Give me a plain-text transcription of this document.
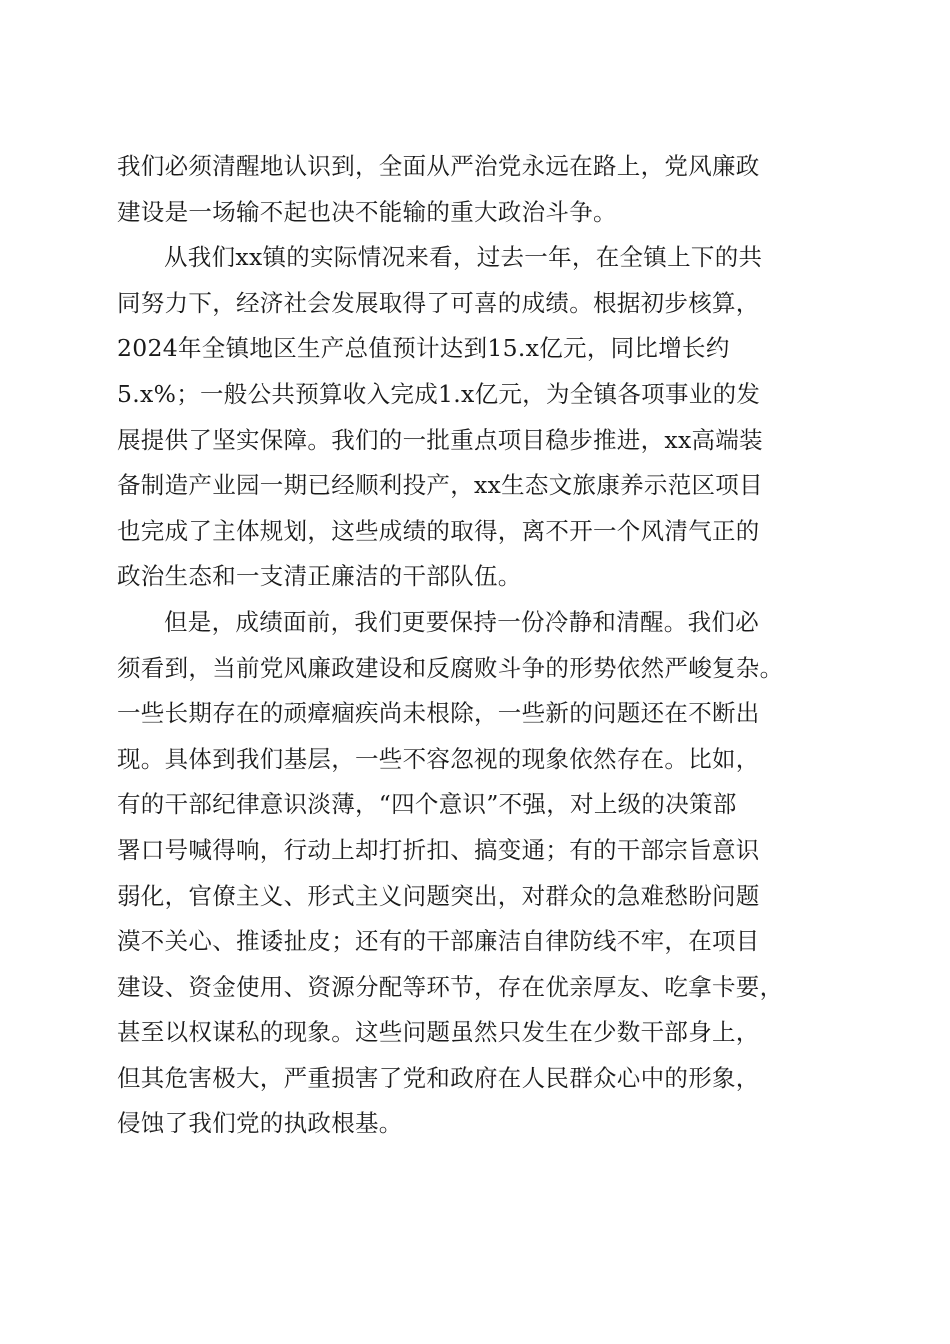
我们必须清醒地认识到，全面从严治党永远在路上，党风廉政
建设是一场输不起也决不能输的重大政治斗争。
从我们xx镇的实际情况来看，过去一年，在全镇上下的共
同努力下，经济社会发展取得了可喜的成绩。根据初步核算，
2024年全镇地区生产总值预计达到15.x亿元，同比增长约
5.x%；一般公共预算收入完成1.x亿元，为全镇各项事业的发
展提供了坚实保障。我们的一批重点项目稳步推进，xx高端装
备制造产业园一期已经顺利投产，xx生态文旅康养示范区项目
也完成了主体规划，这些成绩的取得，离不开一个风清气正的
政治生态和一支清正廉洁的干部队伍。
但是，成绩面前，我们更要保持一份冷静和清醒。我们必
须看到，当前党风廉政建设和反腐败斗争的形势依然严峻复杂。
一些长期存在的顽瘴痼疾尚未根除，一些新的问题还在不断出
现。具体到我们基层，一些不容忽视的现象依然存在。比如，
有的干部纪律意识淡薄，“四个意识”不强，对上级的决策部
署口号喊得响，行动上却打折扣、搞变通；有的干部宗旨意识
弱化，官僚主义、形式主义问题突出，对群众的急难愁盼问题
漠不关心、推诿扯皮；还有的干部廉洁自律防线不牢，在项目
建设、资金使用、资源分配等环节，存在优亲厚友、吃拿卡要，
甚至以权谋私的现象。这些问题虽然只发生在少数干部身上，
但其危害极大，严重损害了党和政府在人民群众心中的形象，
侵蚀了我们党的执政根基。
